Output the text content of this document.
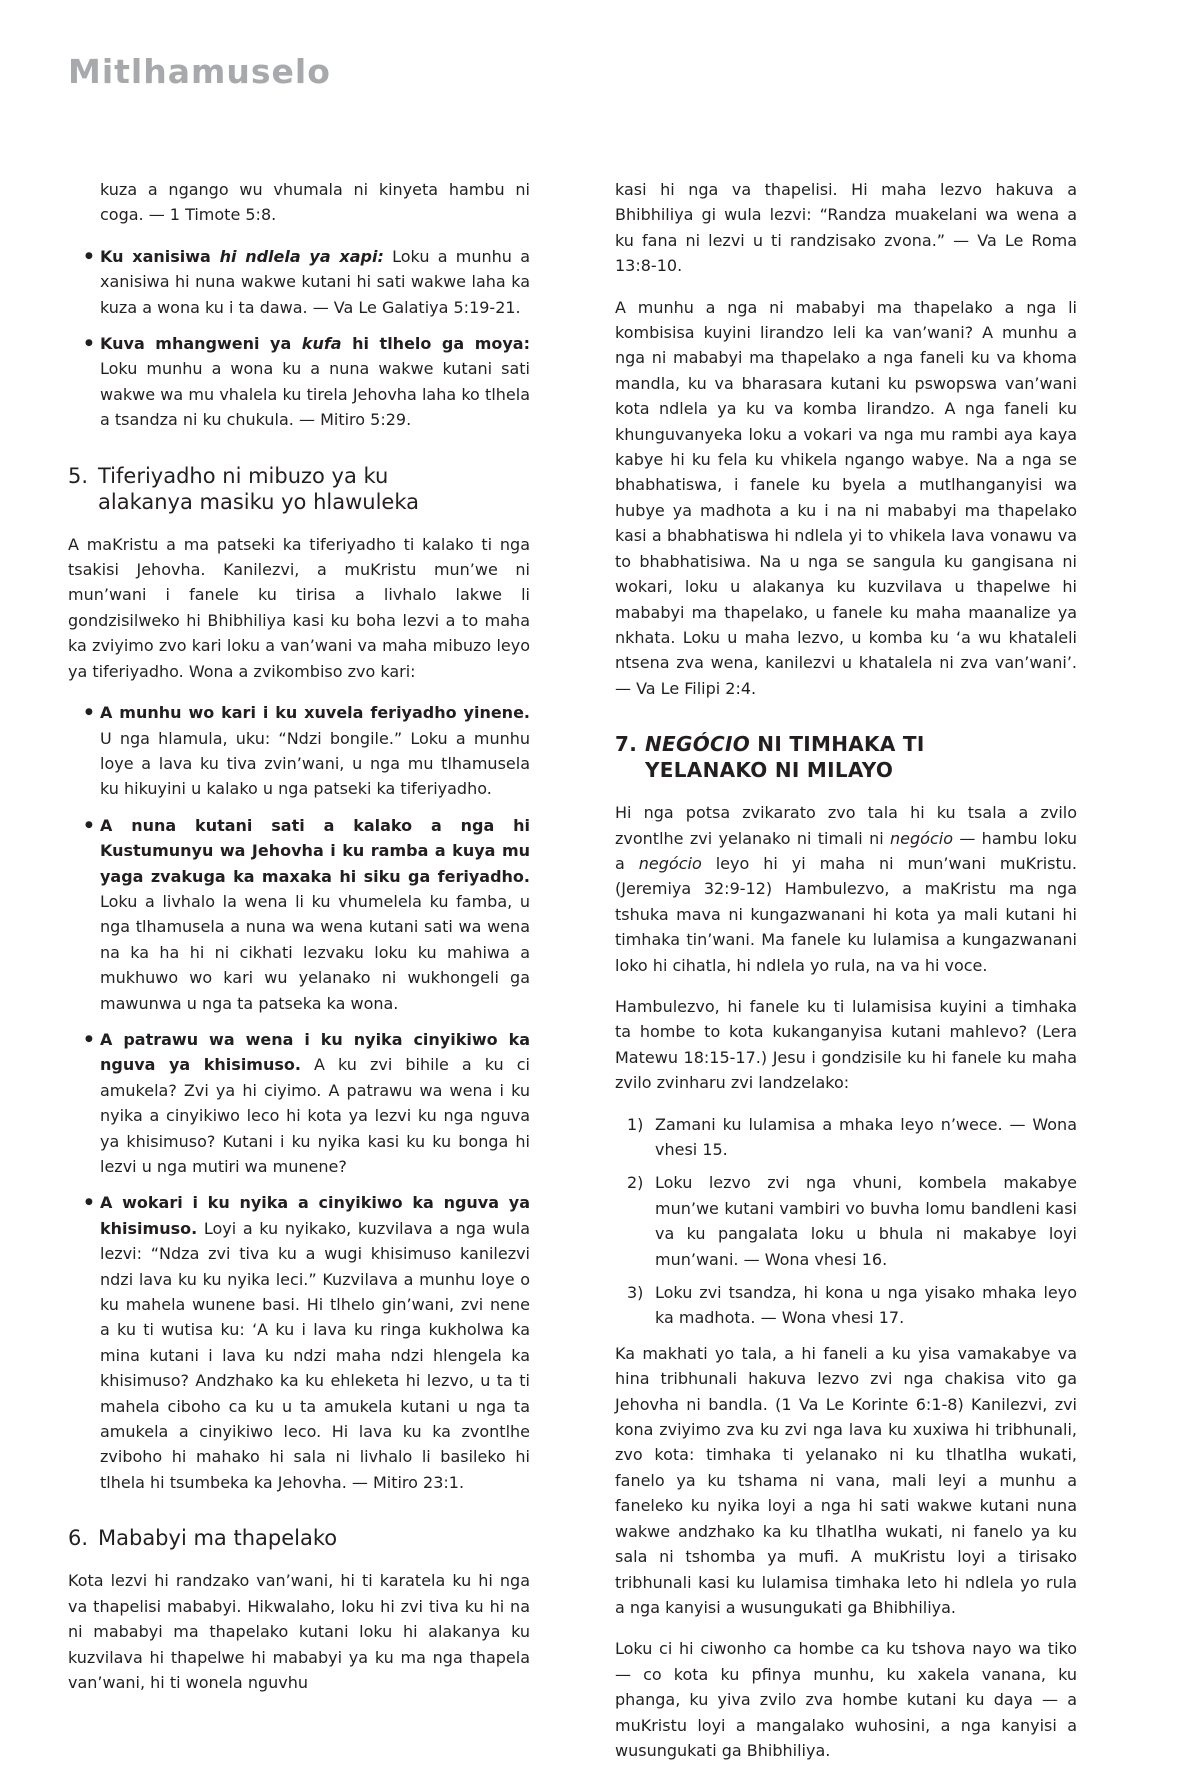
Mitlhamuselo

kuza a ngango wu vhumala ni kinyeta hambu ni coga. — 1 Timote 5:8.

● Ku xanisiwa hi ndlela ya xapi: Loku a munhu a xanisiwa hi nuna wakwe kutani hi sati wakwe laha ka kuza a wona ku i ta dawa. — Va Le Galatiya 5:19-21.
● Kuva mhangweni ya kufa hi tlhelo ga moya: Loku munhu a wona ku a nuna wakwe kutani sati wakwe wa mu vhalela ku tirela Jehovha laha ko tlhela a tsandza ni ku chukula. — Mitiro 5:29.
5. Tiferiyadho ni mibuzo ya ku
alakanya masiku yo hlawuleka

A maKristu a ma patseki ka tiferiyadho ti kalako ti nga tsakisi Jehovha. Kanilezvi, a muKristu mun’we ni mun’wani i fanele ku tirisa a livhalo lakwe li gondzisilweko hi Bhibhiliya kasi ku boha lezvi a to maha ka zviyimo zvo kari loku a van’wani va maha mibuzo leyo ya tiferiyadho. Wona a zvikombiso zvo kari:

● A munhu wo kari i ku xuvela feriyadho yinene. U nga hlamula, uku: “Ndzi bongile.” Loku a munhu loye a lava ku tiva zvin’wani, u nga mu tlhamusela ku hikuyini u kalako u nga patseki ka tiferiyadho.
● A nuna kutani sati a kalako a nga hi Kustumunyu wa Jehovha i ku ramba a kuya mu yaga zvakuga ka maxaka hi siku ga feriyadho. Loku a livhalo la wena li ku vhumelela ku famba, u nga tlhamusela a nuna wa wena kutani sati wa wena na ka ha hi ni cikhati lezvaku loku ku mahiwa a mukhuwo wo kari wu yelanako ni wukhongeli ga mawunwa u nga ta patseka ka wona.
● A patrawu wa wena i ku nyika cinyikiwo ka nguva ya khisimuso. A ku zvi bihile a ku ci amukela? Zvi ya hi ciyimo. A patrawu wa wena i ku nyika a cinyikiwo leco hi kota ya lezvi ku nga nguva ya khisimuso? Kutani i ku nyika kasi ku ku bonga hi lezvi u nga mutiri wa munene?
● A wokari i ku nyika a cinyikiwo ka nguva ya khisimuso. Loyi a ku nyikako, kuzvilava a nga wula lezvi: “Ndza zvi tiva ku a wugi khisimuso kanilezvi ndzi lava ku ku nyika leci.” Kuzvilava a munhu loye o ku mahela wunene basi. Hi tlhelo gin’wani, zvi nene a ku ti wutisa ku: ‘A ku i lava ku ringa kukholwa ka mina kutani i lava ku ndzi maha ndzi hlengela ka khisimuso? Andzhako ka ku ehleketa hi lezvo, u ta ti mahela ciboho ca ku u ta amukela kutani u nga ta amukela a cinyikiwo leco. Hi lava ku ka zvontlhe zviboho hi mahako hi sala ni livhalo li basileko hi tlhela hi tsumbeka ka Jehovha. — Mitiro 23:1.
6. Mababyi ma thapelako

Kota lezvi hi randzako van’wani, hi ti karatela ku hi nga va thapelisi mababyi. Hikwalaho, loku hi zvi tiva ku hi na ni mababyi ma thapelako kutani loku hi alakanya ku kuzvilava hi thapelwe hi mababyi ya ku ma nga thapela van’wani, hi ti wonela nguvhu

kasi hi nga va thapelisi. Hi maha lezvo hakuva a Bhibhiliya gi wula lezvi: “Randza muakelani wa wena a ku fana ni lezvi u ti randzisako zvona.” — Va Le Roma 13:8-10.

A munhu a nga ni mababyi ma thapelako a nga li kombisisa kuyini lirandzo leli ka van’wani? A munhu a nga ni mababyi ma thapelako a nga faneli ku va khoma mandla, ku va bharasara kutani ku pswopswa van’wani kota ndlela ya ku va komba lirandzo. A nga faneli ku khunguvanyeka loku a vokari va nga mu rambi aya kaya kabye hi ku fela ku vhikela ngango wabye. Na a nga se bhabhatiswa, i fanele ku byela a mutlhanganyisi wa hubye ya madhota a ku i na ni mababyi ma thapelako kasi a bhabhatiswa hi ndlela yi to vhikela lava vonawu va to bhabhatisiwa. Na u nga se sangula ku gangisana ni wokari, loku u alakanya ku kuzvilava u thapelwe hi mababyi ma thapelako, u fanele ku maha maanalize ya nkhata. Loku u maha lezvo, u komba ku ‘a wu khataleli ntsena zva wena, kanilezvi u khatalela ni zva van’wani’. — Va Le Filipi 2:4.

7. NEGÓCIO NI TIMHAKA TI
YELANAKO NI MILAYO

Hi nga potsa zvikarato zvo tala hi ku tsala a zvilo zvontlhe zvi yelanako ni timali ni negócio — hambu loku a negócio leyo hi yi maha ni mun’wani muKristu. (Jeremiya 32:9-12) Hambulezvo, a maKristu ma nga tshuka mava ni kungazwanani hi kota ya mali kutani hi timhaka tin’wani. Ma fanele ku lulamisa a kungazwanani loko hi cihatla, hi ndlela yo rula, na va hi voce.

Hambulezvo, hi fanele ku ti lulamisisa kuyini a timhaka ta hombe to kota kukanganyisa kutani mahlevo? (Lera Matewu 18:15-17.) Jesu i gondzisile ku hi fanele ku maha zvilo zvinharu zvi landzelako:

1) Zamani ku lulamisa a mhaka leyo n’wece. — Wona vhesi 15.
2) Loku lezvo zvi nga vhuni, kombela makabye mun’we kutani vambiri vo buvha lomu bandleni kasi va ku pangalata loku u bhula ni makabye loyi mun’wani. — Wona vhesi 16.
3) Loku zvi tsandza, hi kona u nga yisako mhaka leyo ka madhota. — Wona vhesi 17.

Ka makhati yo tala, a hi faneli a ku yisa vamakabye va hina tribhunali hakuva lezvo zvi nga chakisa vito ga Jehovha ni bandla. (1 Va Le Korinte 6:1-8) Kanilezvi, zvi kona zviyimo zva ku zvi nga lava ku xuxiwa hi tribhunali, zvo kota: timhaka ti yelanako ni ku tlhatlha wukati, fanelo ya ku tshama ni vana, mali leyi a munhu a faneleko ku nyika loyi a nga hi sati wakwe kutani nuna wakwe andzhako ka ku tlhatlha wukati, ni fanelo ya ku sala ni tshomba ya mufi. A muKristu loyi a tirisako tribhunali kasi ku lulamisa timhaka leto hi ndlela yo rula a nga kanyisi a wusungukati ga Bhibhiliya.

Loku ci hi ciwonho ca hombe ca ku tshova nayo wa tiko — co kota ku pfinya munhu, ku xakela vanana, ku phanga, ku yiva zvilo zva hombe kutani ku daya — a muKristu loyi a mangalako wuhosini, a nga kanyisi a wusungukati ga Bhibhiliya.
